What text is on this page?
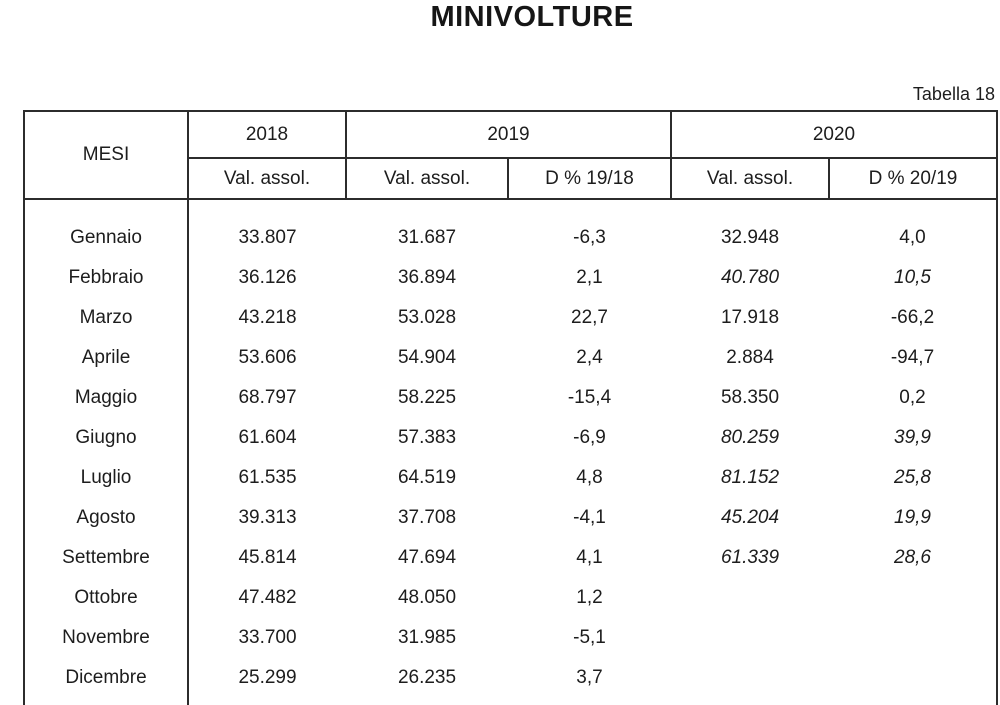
MINIVOLTURE
Tabella 18
MESI	2018	2019		2020	
	Val. assol.	Val. assol.	D % 19/18	Val. assol.	D % 20/19

Gennaio	33.807	31.687	-6,3	32.948	4,0
Febbraio	36.126	36.894	2,1	40.780	10,5
Marzo	43.218	53.028	22,7	17.918	-66,2
Aprile	53.606	54.904	2,4	2.884	-94,7
Maggio	68.797	58.225	-15,4	58.350	0,2
Giugno	61.604	57.383	-6,9	80.259	39,9
Luglio	61.535	64.519	4,8	81.152	25,8
Agosto	39.313	37.708	-4,1	45.204	19,9
Settembre	45.814	47.694	4,1	61.339	28,6
Ottobre	47.482	48.050	1,2		
Novembre	33.700	31.985	-5,1		
Dicembre	25.299	26.235	3,7		
